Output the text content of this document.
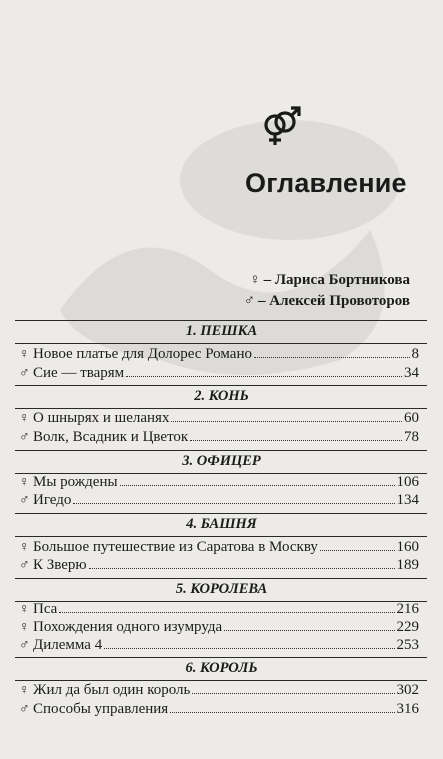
Оглавление
♀ – Лариса Бортникова
♂ – Алексей Провоторов
1. ПЕШКА
♀ Новое платье для Долорес Романо	8
♂ Сие — тварям	34
2. КОНЬ
♀ О шнырях и шеланях	60
♂ Волк, Всадник и Цветок	78
3. ОФИЦЕР
♀ Мы рождены	106
♂ Игедо	134
4. БАШНЯ
♀ Большое путешествие из Саратова в Москву	160
♂ К Зверю	189
5. КОРОЛЕВА
♀ Пса	216
♀ Похождения одного изумруда	229
♂ Дилемма 4	253
6. КОРОЛЬ
♀ Жил да был один король	302
♂ Способы управления	316
